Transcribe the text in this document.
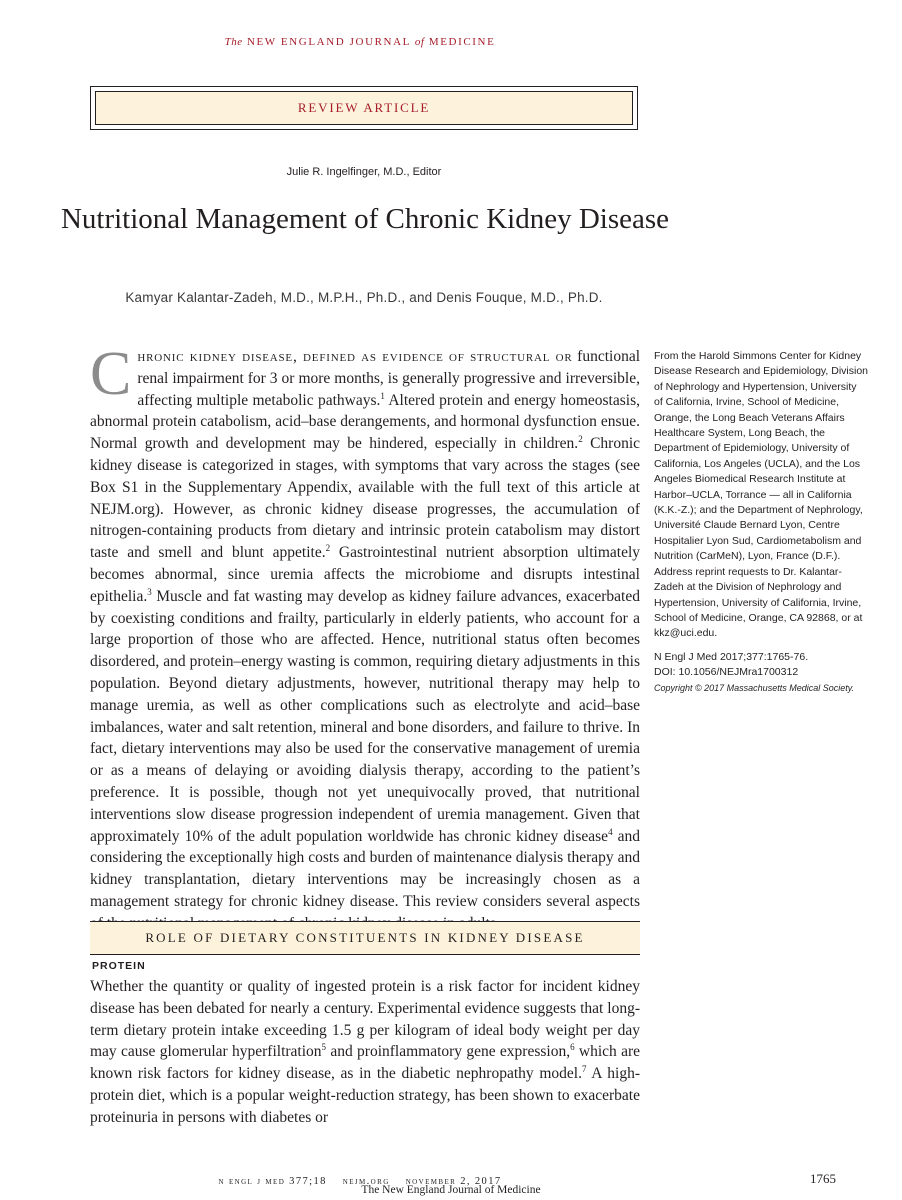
The NEW ENGLAND JOURNAL of MEDICINE
REVIEW ARTICLE
Julie R. Ingelfinger, M.D., Editor
Nutritional Management of Chronic Kidney Disease
Kamyar Kalantar-Zadeh, M.D., M.P.H., Ph.D., and Denis Fouque, M.D., Ph.D.
Chronic kidney disease, defined as evidence of structural or functional renal impairment for 3 or more months, is generally progressive and irreversible, affecting multiple metabolic pathways.$^1$ Altered protein and energy homeostasis, abnormal protein catabolism, acid–base derangements, and hormonal dysfunction ensue. Normal growth and development may be hindered, especially in children.$^2$ Chronic kidney disease is categorized in stages, with symptoms that vary across the stages (see Box S1 in the Supplementary Appendix, available with the full text of this article at NEJM.org). However, as chronic kidney disease progresses, the accumulation of nitrogen-containing products from dietary and intrinsic protein catabolism may distort taste and smell and blunt appetite.$^2$ Gastrointestinal nutrient absorption ultimately becomes abnormal, since uremia affects the microbiome and disrupts intestinal epithelia.$^3$ Muscle and fat wasting may develop as kidney failure advances, exacerbated by coexisting conditions and frailty, particularly in elderly patients, who account for a large proportion of those who are affected. Hence, nutritional status often becomes disordered, and protein–energy wasting is common, requiring dietary adjustments in this population. Beyond dietary adjustments, however, nutritional therapy may help to manage uremia, as well as other complications such as electrolyte and acid–base imbalances, water and salt retention, mineral and bone disorders, and failure to thrive. In fact, dietary interventions may also be used for the conservative management of uremia or as a means of delaying or avoiding dialysis therapy, according to the patient’s preference. It is possible, though not yet unequivocally proved, that nutritional interventions slow disease progression independent of uremia management. Given that approximately 10% of the adult population worldwide has chronic kidney disease$^4$ and considering the exceptionally high costs and burden of maintenance dialysis therapy and kidney transplantation, dietary interventions may be increasingly chosen as a management strategy for chronic kidney disease. This review considers several aspects
ROLE OF DIETARY CONSTITUENTS IN KIDNEY DISEASE
PROTEIN
Whether the quantity or quality of ingested protein is a risk factor for incident kidney disease has been debated for nearly a century. Experimental evidence suggests that long-term dietary protein intake exceeding 1.5 g per kilogram of ideal body weight per day may cause glomerular hyperfiltration$^5$ and proinflammatory gene expression,$^6$ which are known risk factors for kidney disease, as in the diabetic nephropathy model.$^7$ A high-protein diet, which is a popular weight-reduction strategy, has been shown to exacerbate proteinuria in persons with diabetes or

From the Harold Simmons Center for Kidney Disease Research and Epidemiology, Division of Nephrology and Hypertension, University of California, Irvine, School of Medicine, Orange, the Long Beach Veterans Affairs Healthcare System, Long Beach, the Department of Epidemiology, University of California, Los Angeles (UCLA), and the Los Angeles Biomedical Research Institute at Harbor–UCLA, Torrance — all in California (K.K.-Z.); and the Department of Nephrology, Université Claude Bernard Lyon, Centre Hospitalier Lyon Sud, Cardiometabolism and Nutrition (CarMeN), Lyon, France (D.F.). Address reprint requests to Dr. Kalantar-Zadeh at the Division of Nephrology and Hypertension, University of California, Irvine, School of Medicine, Orange, CA 92868, or at kkz@uci.edu.

N Engl J Med 2017;377:1765-76.
DOI: 10.1056/NEJMra1700312
Copyright © 2017 Massachusetts Medical Society.
n engl j med 377;18 nejm.org november 2, 2017	1765
The New England Journal of Medicine
